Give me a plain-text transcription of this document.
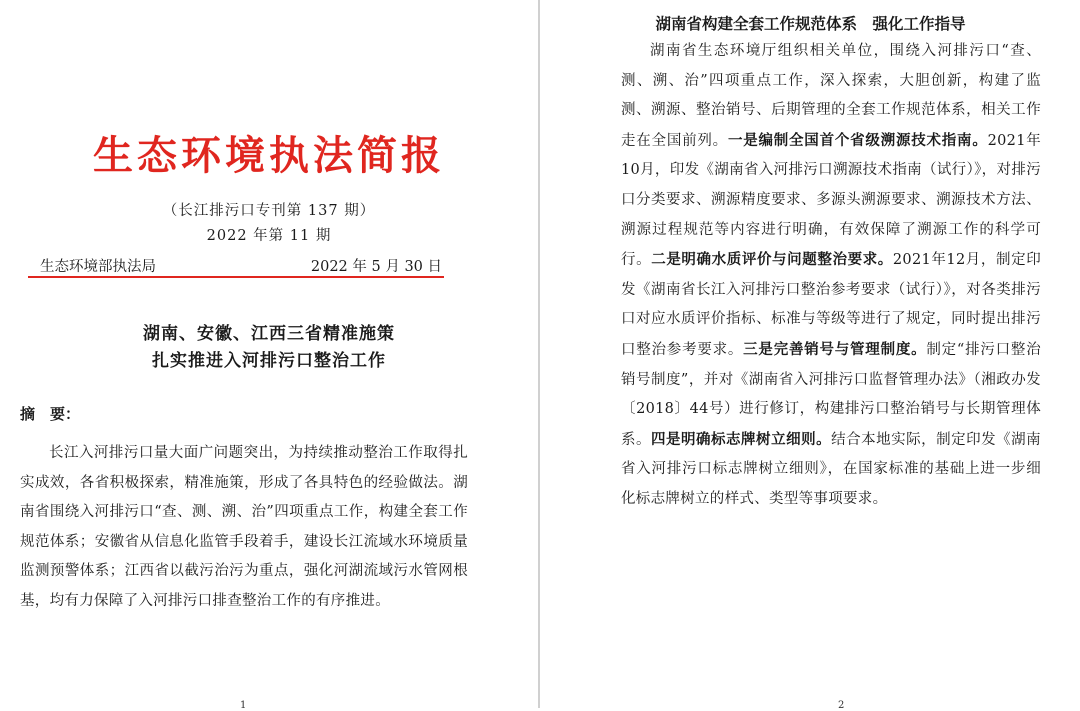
生态环境执法简报
（长江排污口专刊第 137 期）
2022 年第 11 期
生态环境部执法局	2022 年 5 月 30 日
湖南、安徽、江西三省精准施策
扎实推进入河排污口整治工作
摘　要：

长江入河排污口量大面广问题突出，为持续推动整治工作取得扎实成效，各省积极探索，精准施策，形成了各具特色的经验做法。湖南省围绕入河排污口“查、测、溯、治”四项重点工作，构建全套工作规范体系；安徽省从信息化监管手段着手，建设长江流域水环境质量监测预警体系；江西省以截污治污为重点，强化河湖流域污水管网根基，均有力保障了入河排污口排查整治工作的有序推进。

1
湖南省构建全套工作规范体系　强化工作指导

湖南省生态环境厅组织相关单位，围绕入河排污口“查、测、溯、治”四项重点工作，深入探索，大胆创新，构建了监测、溯源、整治销号、后期管理的全套工作规范体系，相关工作走在全国前列。一是编制全国首个省级溯源技术指南。2021年10月，印发《湖南省入河排污口溯源技术指南（试行）》，对排污口分类要求、溯源精度要求、多源头溯源要求、溯源技术方法、溯源过程规范等内容进行明确，有效保障了溯源工作的科学可行。二是明确水质评价与问题整治要求。2021年12月，制定印发《湖南省长江入河排污口整治参考要求（试行）》，对各类排污口对应水质评价指标、标准与等级等进行了规定，同时提出排污口整治参考要求。三是完善销号与管理制度。制定“排污口整治销号制度”，并对《湖南省入河排污口监督管理办法》（湘政办发〔2018〕44号）进行修订，构建排污口整治销号与长期管理体系。四是明确标志牌树立细则。结合本地实际，制定印发《湖南省入河排污口标志牌树立细则》，在国家标准的基础上进一步细化标志牌树立的样式、类型等事项要求。

2
